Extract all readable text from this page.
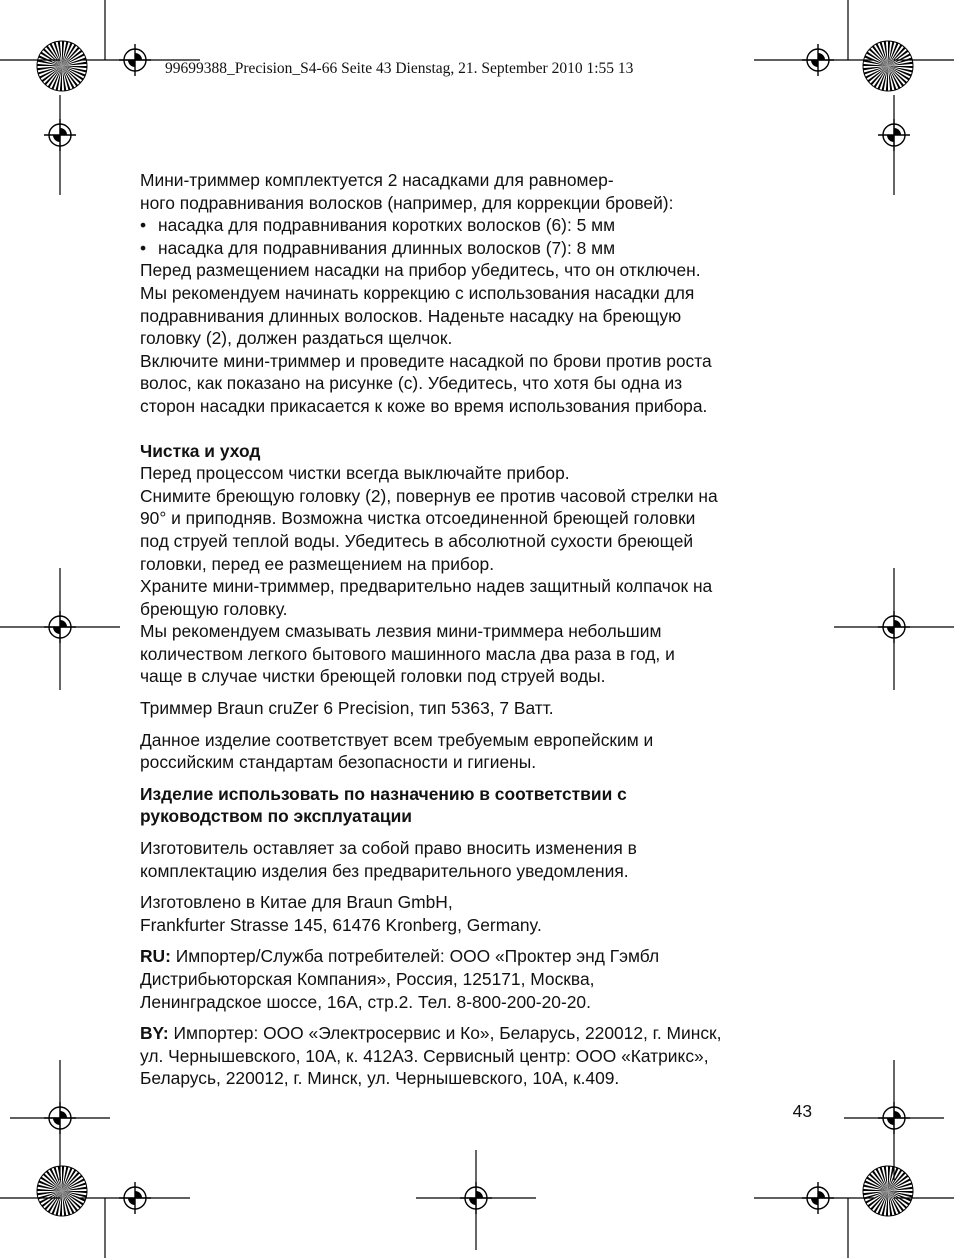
99699388_Precision_S4-66 Seite 43 Dienstag, 21. September 2010 1:55 13

Мини-триммер комплектуется 2 насадками для равномер-

ного подравнивания волосков (например, для коррекции бровей):

• насадка для подравнивания коротких волосков (6): 5 мм
• насадка для подравнивания длинных волосков (7): 8 мм

Перед размещением насадки на прибор убедитесь, что он отключен.

Мы рекомендуем начинать коррекцию с использования насадки для

подравнивания длинных волосков. Наденьте насадку на бреющую

головку (2), должен раздаться щелчок.

Включите мини-триммер и проведите насадкой по брови против роста

волос, как показано на рисунке (c). Убедитесь, что хотя бы одна из

сторон насадки прикасается к коже во время использования прибора.

Чистка и уход

Перед процессом чистки всегда выключайте прибор.

Снимите бреющую головку (2), повернув ее против часовой стрелки на

90° и приподняв. Возможна чистка отсоединенной бреющей головки

под струей теплой воды. Убедитесь в абсолютной сухости бреющей

головки, перед ее размещением на прибор.

Храните мини-триммер, предварительно надев защитный колпачок на

бреющую головку.

Мы рекомендуем смазывать лезвия мини-триммера небольшим

количеством легкого бытового машинного масла два раза в год, и

чаще в случае чистки бреющей головки под струей воды.

Триммер Braun cruZer 6 Precision, тип 5363, 7 Ватт.

Данное изделие соответствует всем требуемым европейским и

российским стандартам безопасности и гигиены.

Изделие использовать по назначению в соответствии с

руководством по эксплуатации

Изготовитель оставляет за собой право вносить изменения в

комплектацию изделия без предварительного уведомления.

Изготовлено в Китае для Braun GmbH,

Frankfurter Strasse 145, 61476 Kronberg, Germany.

RU: Импортер/Служба потребителей: ООО «Проктер энд Гэмбл

Дистрибьюторская Компания», Россия, 125171, Москва,

Ленинградское шоссе, 16А, стр.2. Тел. 8-800-200-20-20.

BY: Импортер: ООО «Электросервис и Ко», Беларусь, 220012, г. Минск,

ул. Чернышевского, 10А, к. 412А3. Сервисный центр: ООО «Катрикс»,

Беларусь, 220012, г. Минск, ул. Чернышевского, 10А, к.409.

43
